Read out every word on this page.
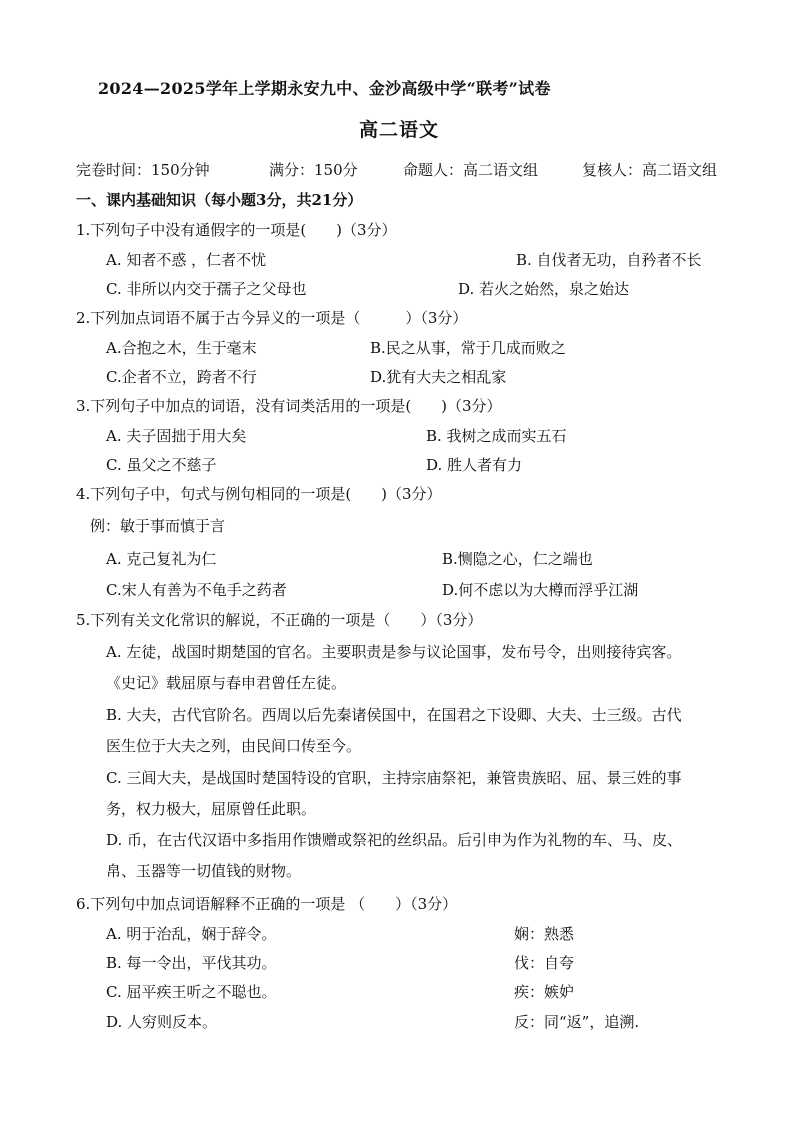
2024—2025学年上学期永安九中、金沙高级中学“联考”试卷
高二语文
完卷时间：150分钟	满分：150分	命题人：高二语文组	复核人：高二语文组
一、课内基础知识（每小题3分，共21分）
1.下列句子中没有通假字的一项是(　　)（3分）
A. 知者不惑 ，仁者不忧	B. 自伐者无功，自矜者不长
C. 非所以内交于孺子之父母也	D. 若火之始然，泉之始达
2.下列加点词语不属于古今异义的一项是（　　　）（3分）
A.合抱之木，生于毫末	B.民之从事，常于几成而败之
C.企者不立，跨者不行	D.犹有大夫之相乱家
3.下列句子中加点的词语，没有词类活用的一项是(　　)（3分）
A. 夫子固拙于用大矣	B. 我树之成而实五石
C. 虽父之不慈子	D. 胜人者有力
4.下列句子中，句式与例句相同的一项是(　　)（3分）
例：敏于事而慎于言
A. 克己复礼为仁	B.恻隐之心，仁之端也
C.宋人有善为不龟手之药者	D.何不虑以为大樽而浮乎江湖
5.下列有关文化常识的解说，不正确的一项是（　　）（3分）
A. 左徒，战国时期楚国的官名。主要职责是参与议论国事，发布号令，出则接待宾客。
《史记》载屈原与春申君曾任左徒。
B. 大夫，古代官阶名。西周以后先秦诸侯国中，在国君之下设卿、大夫、士三级。古代
医生位于大夫之列，由民间口传至今。
C. 三闾大夫，是战国时楚国特设的官职，主持宗庙祭祀，兼管贵族昭、屈、景三姓的事
务，权力极大，屈原曾任此职。
D. 币，在古代汉语中多指用作馈赠或祭祀的丝织品。后引申为作为礼物的车、马、皮、
帛、玉器等一切值钱的财物。
6.下列句中加点词语解释不正确的一项是 （　　）（3分）
A. 明于治乱，娴于辞令。	娴：熟悉
B. 每一令出，平伐其功。	伐：自夸
C. 屈平疾王听之不聪也。	疾：嫉妒
D. 人穷则反本。	反：同“返”，追溯.
